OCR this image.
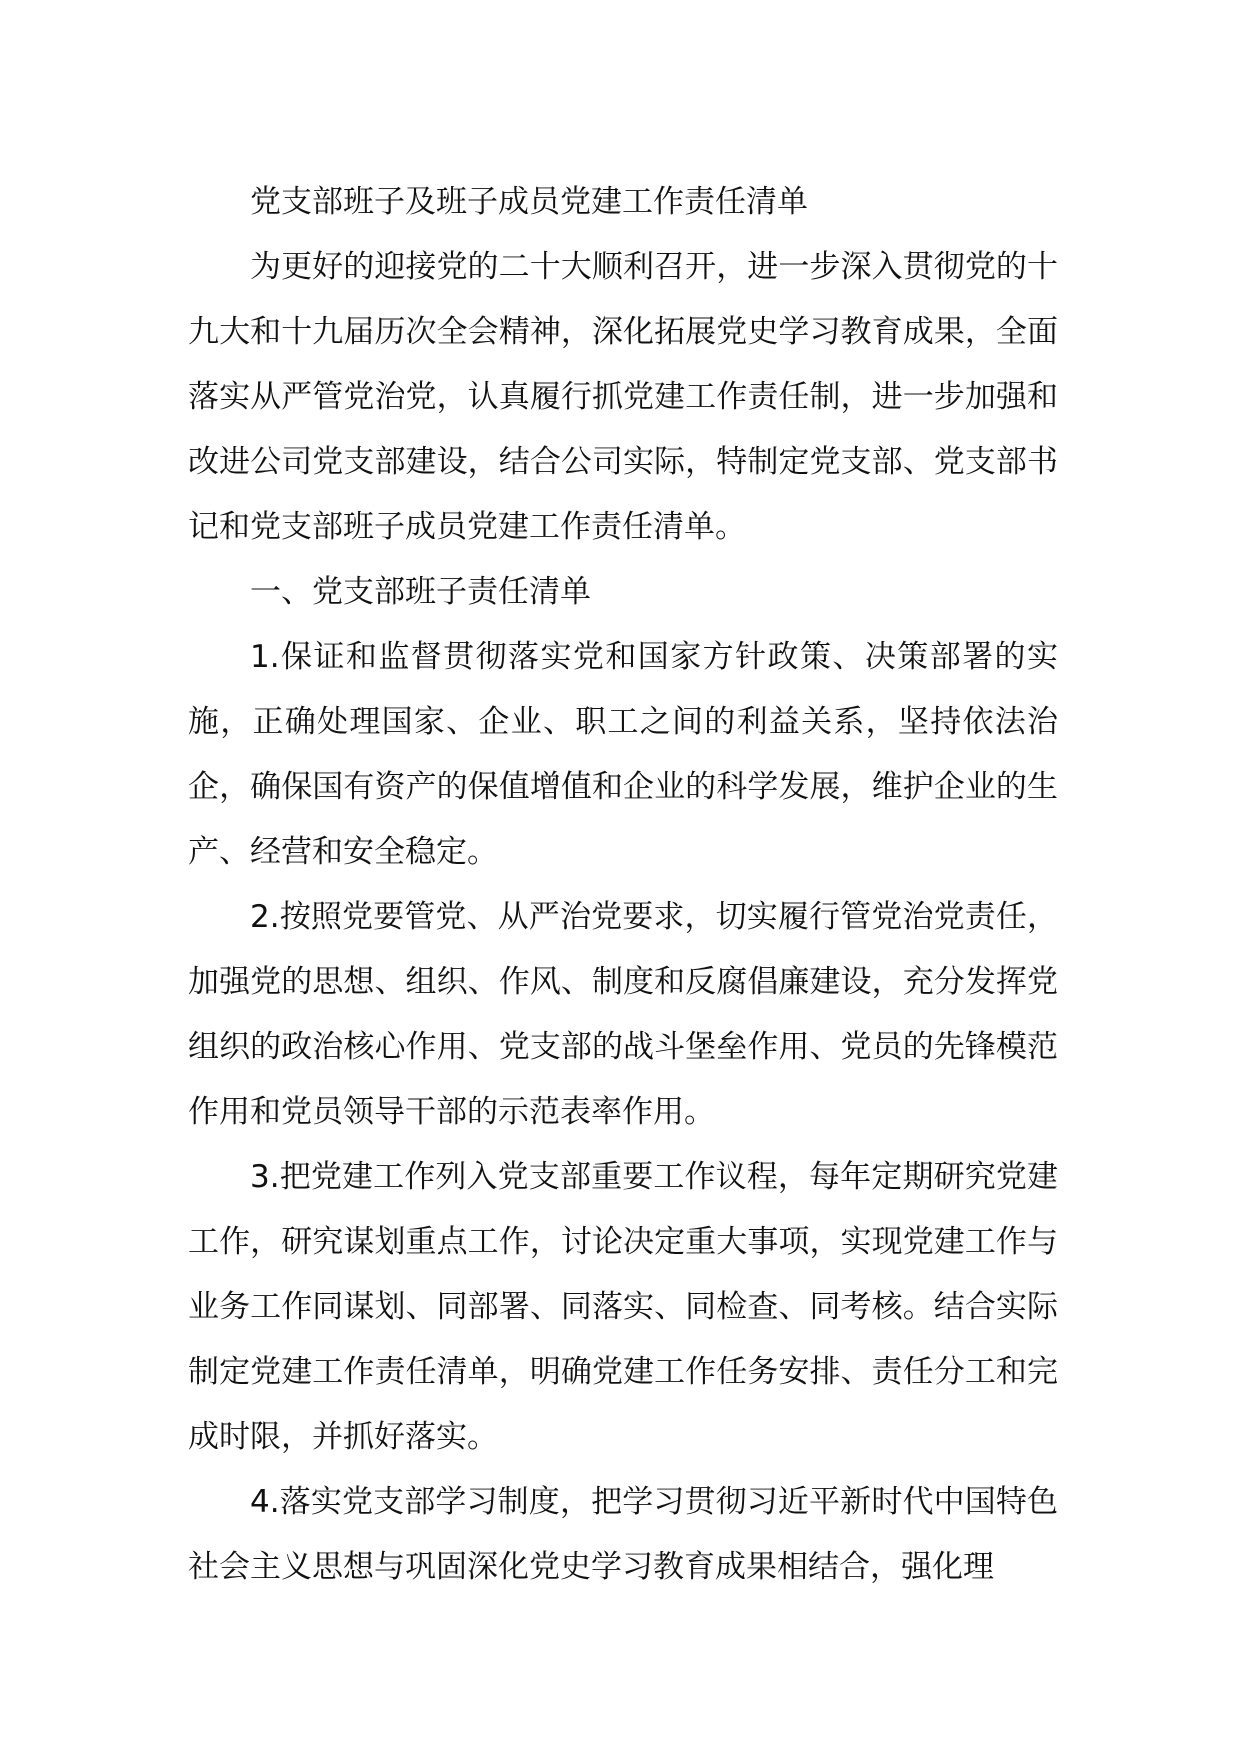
党支部班子及班子成员党建工作责任清单

为更好的迎接党的二十大顺利召开，进一步深入贯彻党的十九大和十九届历次全会精神，深化拓展党史学习教育成果，全面落实从严管党治党，认真履行抓党建工作责任制，进一步加强和改进公司党支部建设，结合公司实际，特制定党支部、党支部书记和党支部班子成员党建工作责任清单。

一、党支部班子责任清单

1.保证和监督贯彻落实党和国家方针政策、决策部署的实施，正确处理国家、企业、职工之间的利益关系，坚持依法治企，确保国有资产的保值增值和企业的科学发展，维护企业的生产、经营和安全稳定。

2.按照党要管党、从严治党要求，切实履行管党治党责任，加强党的思想、组织、作风、制度和反腐倡廉建设，充分发挥党组织的政治核心作用、党支部的战斗堡垒作用、党员的先锋模范作用和党员领导干部的示范表率作用。

3.把党建工作列入党支部重要工作议程，每年定期研究党建工作，研究谋划重点工作，讨论决定重大事项，实现党建工作与业务工作同谋划、同部署、同落实、同检查、同考核。结合实际制定党建工作责任清单，明确党建工作任务安排、责任分工和完成时限，并抓好落实。

4.落实党支部学习制度，把学习贯彻习近平新时代中国特色社会主义思想与巩固深化党史学习教育成果相结合，强化理
